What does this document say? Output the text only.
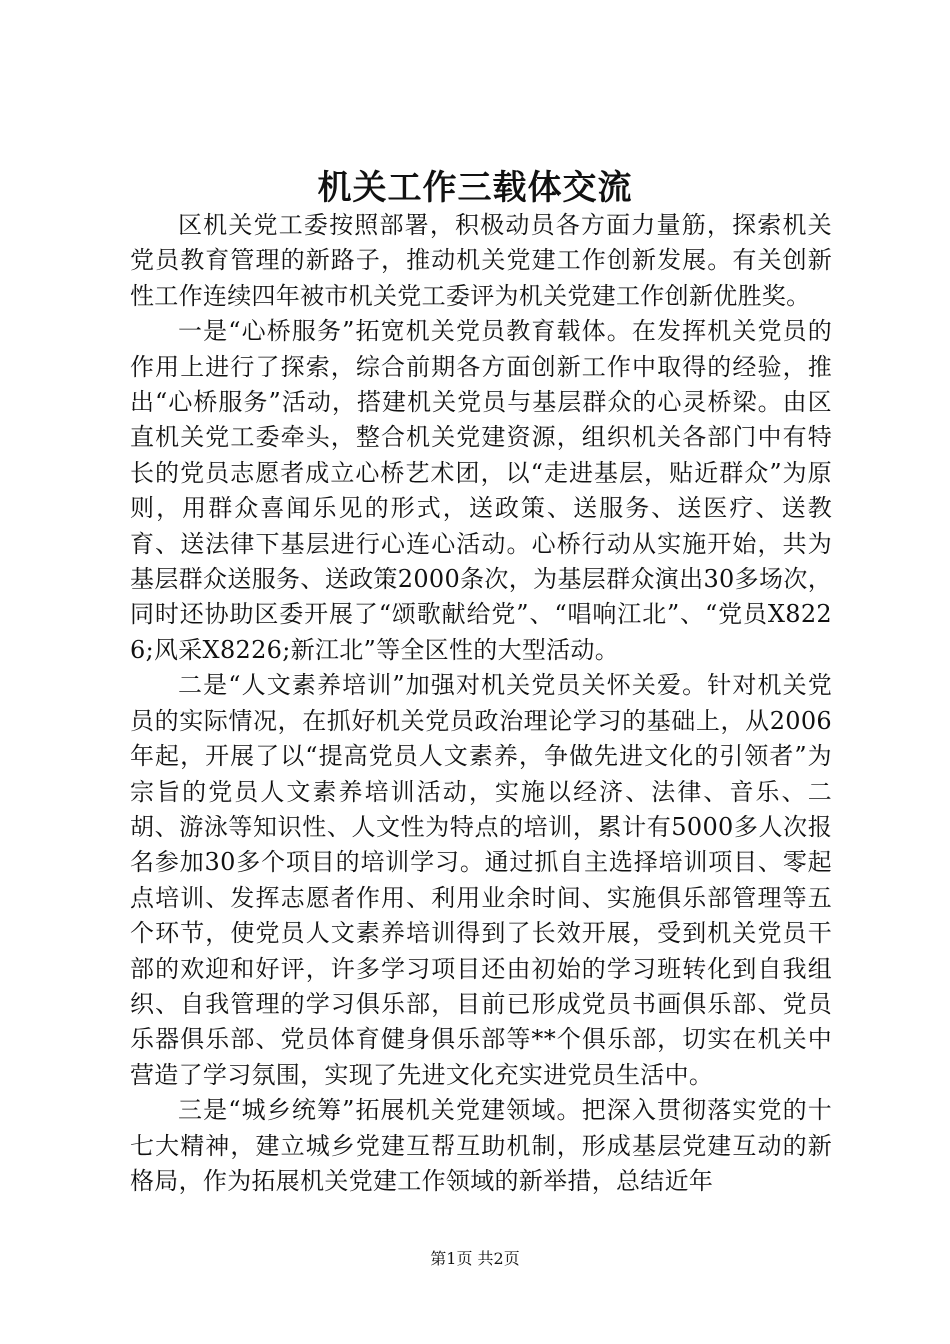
机关工作三载体交流

区机关党工委按照部署，积极动员各方面力量筋，探索机关党员教育管理的新路子，推动机关党建工作创新发展。有关创新性工作连续四年被市机关党工委评为机关党建工作创新优胜奖。

一是“心桥服务”拓宽机关党员教育载体。在发挥机关党员的作用上进行了探索，综合前期各方面创新工作中取得的经验，推出“心桥服务”活动，搭建机关党员与基层群众的心灵桥梁。由区直机关党工委牵头，整合机关党建资源，组织机关各部门中有特长的党员志愿者成立心桥艺术团，以“走进基层，贴近群众”为原则，用群众喜闻乐见的形式，送政策、送服务、送医疗、送教育、送法律下基层进行心连心活动。心桥行动从实施开始，共为基层群众送服务、送政策2000条次，为基层群众演出30多场次，同时还协助区委开展了“颂歌献给党”、“唱响江北”、“党员X8226;风采X8226;新江北”等全区性的大型活动。

二是“人文素养培训”加强对机关党员关怀关爱。针对机关党员的实际情况，在抓好机关党员政治理论学习的基础上，从2006年起，开展了以“提高党员人文素养，争做先进文化的引领者”为宗旨的党员人文素养培训活动，实施以经济、法律、音乐、二胡、游泳等知识性、人文性为特点的培训，累计有5000多人次报名参加30多个项目的培训学习。通过抓自主选择培训项目、零起点培训、发挥志愿者作用、利用业余时间、实施俱乐部管理等五个环节，使党员人文素养培训得到了长效开展，受到机关党员干部的欢迎和好评，许多学习项目还由初始的学习班转化到自我组织、自我管理的学习俱乐部，目前已形成党员书画俱乐部、党员乐器俱乐部、党员体育健身俱乐部等**个俱乐部，切实在机关中营造了学习氛围，实现了先进文化充实进党员生活中。

三是“城乡统筹”拓展机关党建领域。把深入贯彻落实党的十七大精神，建立城乡党建互帮互助机制，形成基层党建互动的新格局，作为拓展机关党建工作领域的新举措，总结近年

第1页 共2页
